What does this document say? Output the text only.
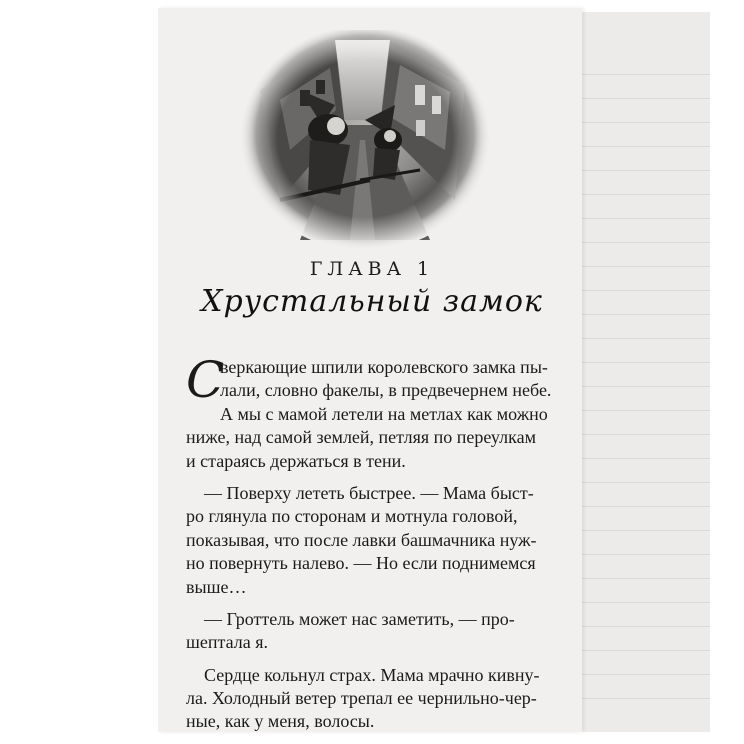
ГЛАВА 1
Хрустальный замок
С
веркающие шпили королевского замка пы-
лали, словно факелы, в предвечернем небе.
А мы с мамой летели на метлах как можно
ниже, над самой землей, петляя по переулкам
и стараясь держаться в тени.
— Поверху лететь быстрее. — Мама быст-
ро глянула по сторонам и мотнула головой,
показывая, что после лавки башмачника нуж-
но повернуть налево. — Но если поднимемся
выше…
— Гроттель может нас заметить, — про-
шептала я.
Сердце кольнул страх. Мама мрачно кивну-
ла. Холодный ветер трепал ее чернильно-чер-
ные, как у меня, волосы.
